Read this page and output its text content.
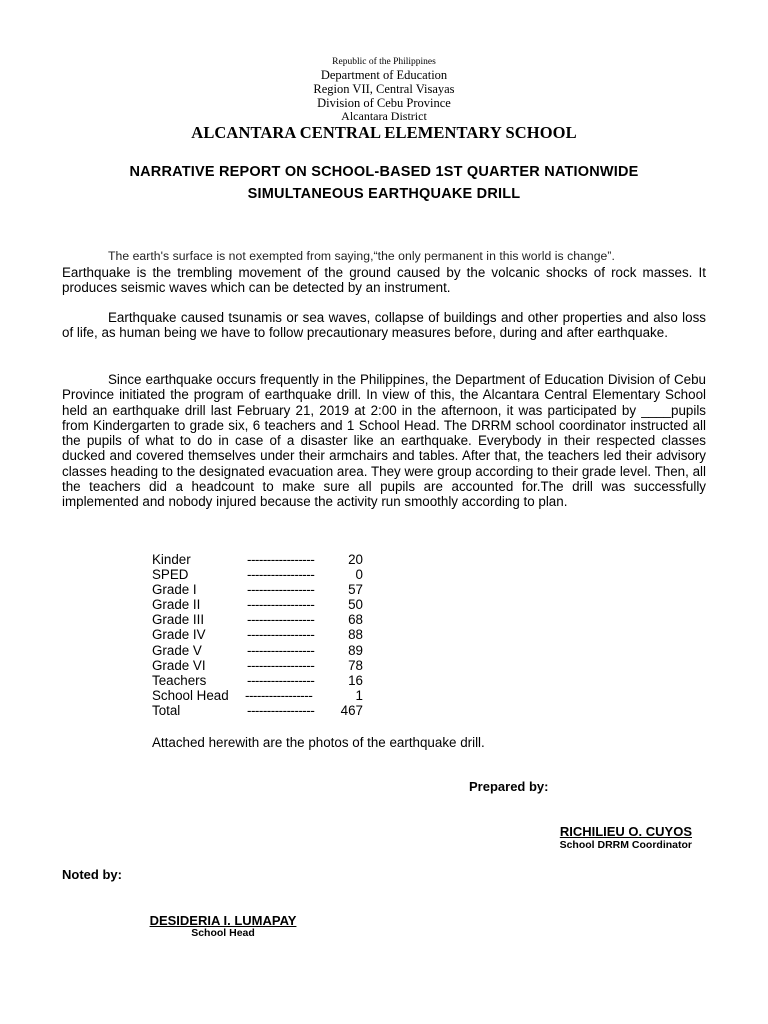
Republic of the Philippines
Department of Education
Region VII, Central Visayas
Division of Cebu Province
Alcantara District
ALCANTARA CENTRAL ELEMENTARY SCHOOL
NARRATIVE REPORT ON SCHOOL-BASED 1ST QUARTER NATIONWIDE
SIMULTANEOUS EARTHQUAKE DRILL
The earth's surface is not exempted from saying,“the only permanent in this world is change”.
Earthquake is the trembling movement of the ground caused by the volcanic shocks of rock masses. It produces seismic waves which can be detected by an instrument.
Earthquake caused tsunamis or sea waves, collapse of buildings and other properties and also loss of life, as human being we have to follow precautionary measures before, during and after earthquake.
Since earthquake occurs frequently in the Philippines, the Department of Education Division of Cebu Province initiated the program of earthquake drill. In view of this, the Alcantara Central Elementary School held an earthquake drill last February 21, 2019 at 2:00 in the afternoon, it was participated by ____pupils from Kindergarten to grade six, 6 teachers and 1 School Head. The DRRM school coordinator instructed all the pupils of what to do in case of a disaster like an earthquake. Everybody in their respected classes ducked and covered themselves under their armchairs and tables. After that, the teachers led their advisory classes heading to the designated evacuation area. They were group according to their grade level. Then, all the teachers did a headcount to make sure all pupils are accounted for.The drill was successfully implemented and nobody injured because the activity run smoothly according to plan.
Kinder	-----------------	20
SPED	-----------------	0
Grade I	-----------------	57
Grade II	-----------------	50
Grade III	-----------------	68
Grade IV	-----------------	88
Grade V	-----------------	89
Grade VI	-----------------	78
Teachers	-----------------	16
School Head -----------------	1
Total	----------------- 467
Attached herewith are the photos of the earthquake drill.
Prepared by:
RICHILIEU O. CUYOS
School DRRM Coordinator
Noted by:
DESIDERIA I. LUMAPAY
School Head
